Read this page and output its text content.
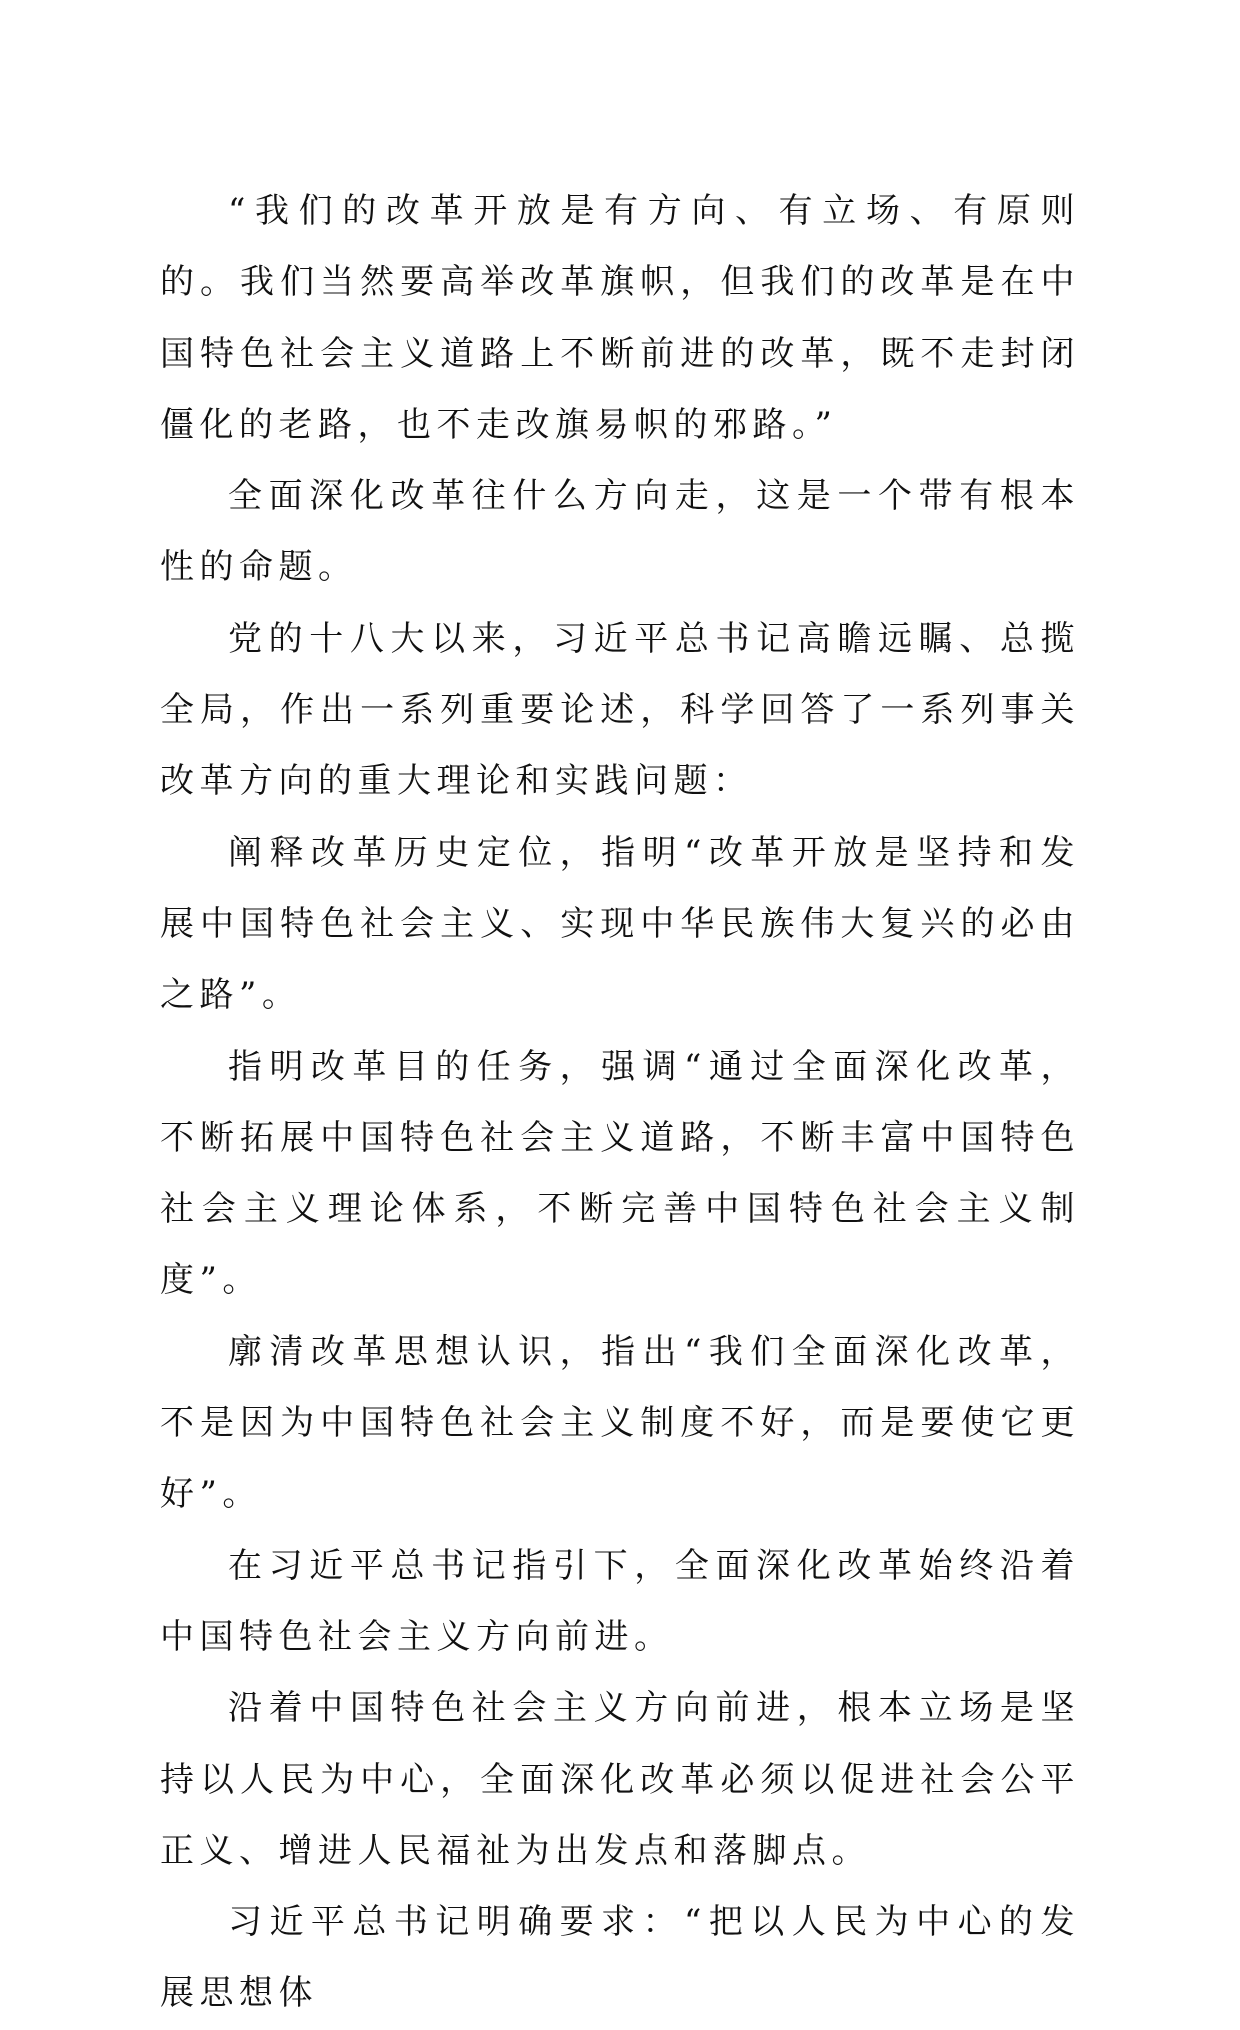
“我们的改革开放是有方向、有立场、有原则的。我们当然要高举改革旗帜，但我们的改革是在中国特色社会主义道路上不断前进的改革，既不走封闭僵化的老路，也不走改旗易帜的邪路。”

全面深化改革往什么方向走，这是一个带有根本性的命题。

党的十八大以来，习近平总书记高瞻远瞩、总揽全局，作出一系列重要论述，科学回答了一系列事关改革方向的重大理论和实践问题：

阐释改革历史定位，指明“改革开放是坚持和发展中国特色社会主义、实现中华民族伟大复兴的必由之路”。

指明改革目的任务，强调“通过全面深化改革，不断拓展中国特色社会主义道路，不断丰富中国特色社会主义理论体系，不断完善中国特色社会主义制度”。

廓清改革思想认识，指出“我们全面深化改革，不是因为中国特色社会主义制度不好，而是要使它更好”。

在习近平总书记指引下，全面深化改革始终沿着中国特色社会主义方向前进。

沿着中国特色社会主义方向前进，根本立场是坚持以人民为中心，全面深化改革必须以促进社会公平正义、增进人民福祉为出发点和落脚点。

习近平总书记明确要求：“把以人民为中心的发展思想体
